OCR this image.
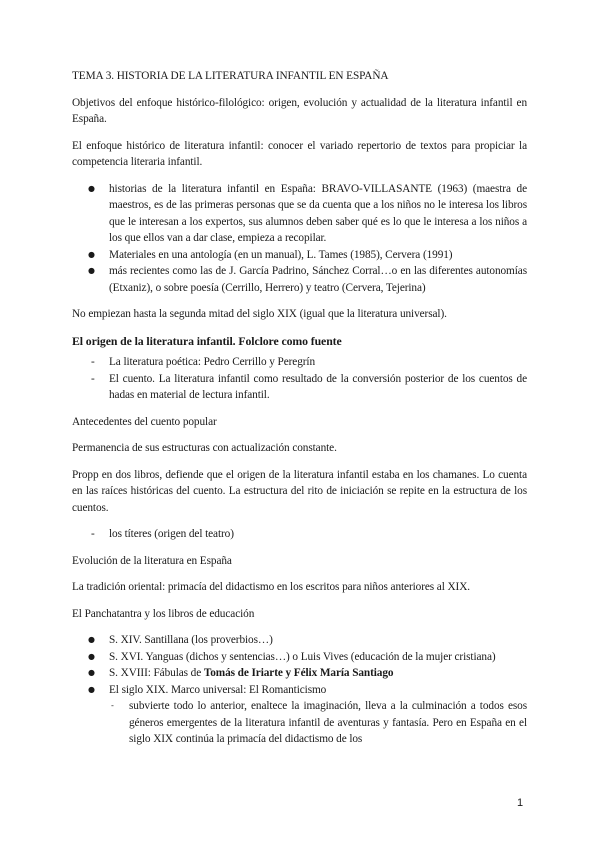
TEMA 3. HISTORIA DE LA LITERATURA INFANTIL EN ESPAÑA

Objetivos del enfoque histórico-filológico: origen, evolución y actualidad de la literatura infantil en España.

El enfoque histórico de literatura infantil: conocer el variado repertorio de textos para propiciar la competencia literaria infantil.

● historias de la literatura infantil en España: BRAVO-VILLASANTE (1963) (maestra de maestros, es de las primeras personas que se da cuenta que a los niños no le interesa los libros que le interesan a los expertos, sus alumnos deben saber qué es lo que le interesa a los niños a los que ellos van a dar clase, empieza a recopilar.
● Materiales en una antología (en un manual), L. Tames (1985), Cervera (1991)
● más recientes como las de J. García Padrino, Sánchez Corral…o en las diferentes autonomías (Etxaniz), o sobre poesía (Cerrillo, Herrero) y teatro (Cervera, Tejerina)

No empiezan hasta la segunda mitad del siglo XIX (igual que la literatura universal).

El origen de la literatura infantil. Folclore como fuente
- La literatura poética: Pedro Cerrillo y Peregrín
- El cuento. La literatura infantil como resultado de la conversión posterior de los cuentos de hadas en material de lectura infantil.

Antecedentes del cuento popular

Permanencia de sus estructuras con actualización constante.

Propp en dos libros, defiende que el origen de la literatura infantil estaba en los chamanes. Lo cuenta en las raíces históricas del cuento. La estructura del rito de iniciación se repite en la estructura de los cuentos.

- los títeres (origen del teatro)

Evolución de la literatura en España

La tradición oriental: primacía del didactismo en los escritos para niños anteriores al XIX.

El Panchatantra y los libros de educación

● S. XIV. Santillana (los proverbios…)
● S. XVI. Yanguas (dichos y sentencias…) o Luis Vives (educación de la mujer cristiana)
● S. XVIII: Fábulas de Tomás de Iriarte y Félix María Santiago
● El siglo XIX. Marco universal: El Romanticismo
- subvierte todo lo anterior, enaltece la imaginación, lleva a la culminación a todos esos géneros emergentes de la literatura infantil de aventuras y fantasía. Pero en España en el siglo XIX continúa la primacía del didactismo de los
1
